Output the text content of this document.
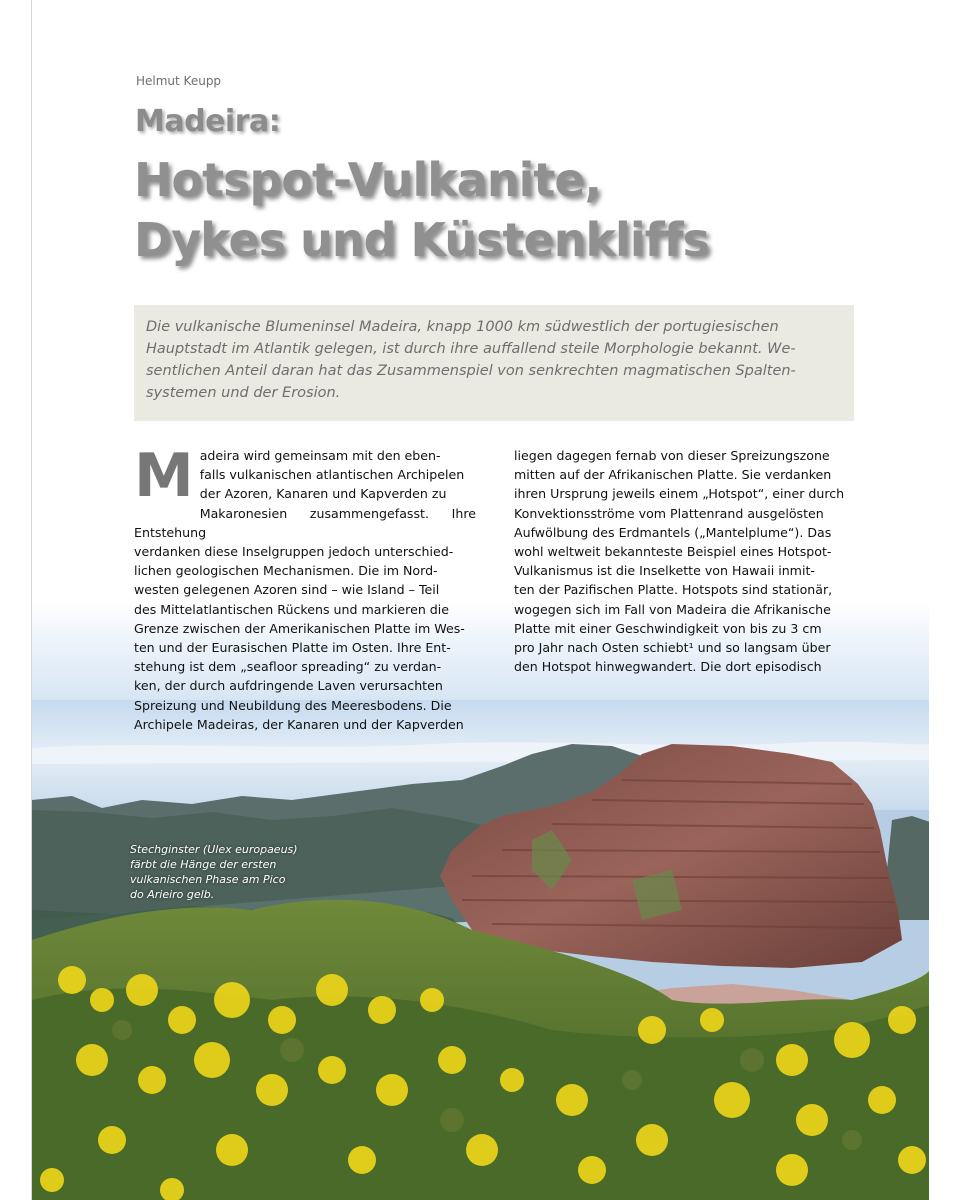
Helmut Keupp
Madeira:
Hotspot-Vulkanite,
Dykes und Küstenkliffs
Die vulkanische Blumeninsel Madeira, knapp 1000 km südwestlich der portugiesischen
Hauptstadt im Atlantik gelegen, ist durch ihre auffallend steile Morphologie bekannt. We-
sentlichen Anteil daran hat das Zusammenspiel von senkrechten magmatischen Spalten-
systemen und der Erosion.
Stechginster (Ulex europaeus)
färbt die Hänge der ersten
vulkanischen Phase am Pico
do Arieiro gelb.
M adeira wird gemeinsam mit den eben-
falls vulkanischen atlantischen Archipelen
der Azoren, Kanaren und Kapverden zu
Makaronesien zusammengefasst. Ihre Entstehung
verdanken diese Inselgruppen jedoch unterschied-
lichen geologischen Mechanismen. Die im Nord-
westen gelegenen Azoren sind – wie Island – Teil
des Mittelatlantischen Rückens und markieren die
Grenze zwischen der Amerikanischen Platte im Wes-
ten und der Eurasischen Platte im Osten. Ihre Ent-
stehung ist dem „seafloor spreading“ zu verdan-
ken, der durch aufdringende Laven verursachten
Spreizung und Neubildung des Meeresbodens. Die
Archipele Madeiras, der Kanaren und der Kapverden
liegen dagegen fernab von dieser Spreizungszone
mitten auf der Afrikanischen Platte. Sie verdanken
ihren Ursprung jeweils einem „Hotspot“, einer durch
Konvektionsströme vom Plattenrand ausgelösten
Aufwölbung des Erdmantels („Mantelplume“). Das
wohl weltweit bekannteste Beispiel eines Hotspot-
Vulkanismus ist die Inselkette von Hawaii inmit-
ten der Pazifischen Platte. Hotspots sind stationär,
wogegen sich im Fall von Madeira die Afrikanische
Platte mit einer Geschwindigkeit von bis zu 3 cm
pro Jahr nach Osten schiebt¹ und so langsam über
den Hotspot hinwegwandert. Die dort episodisch
